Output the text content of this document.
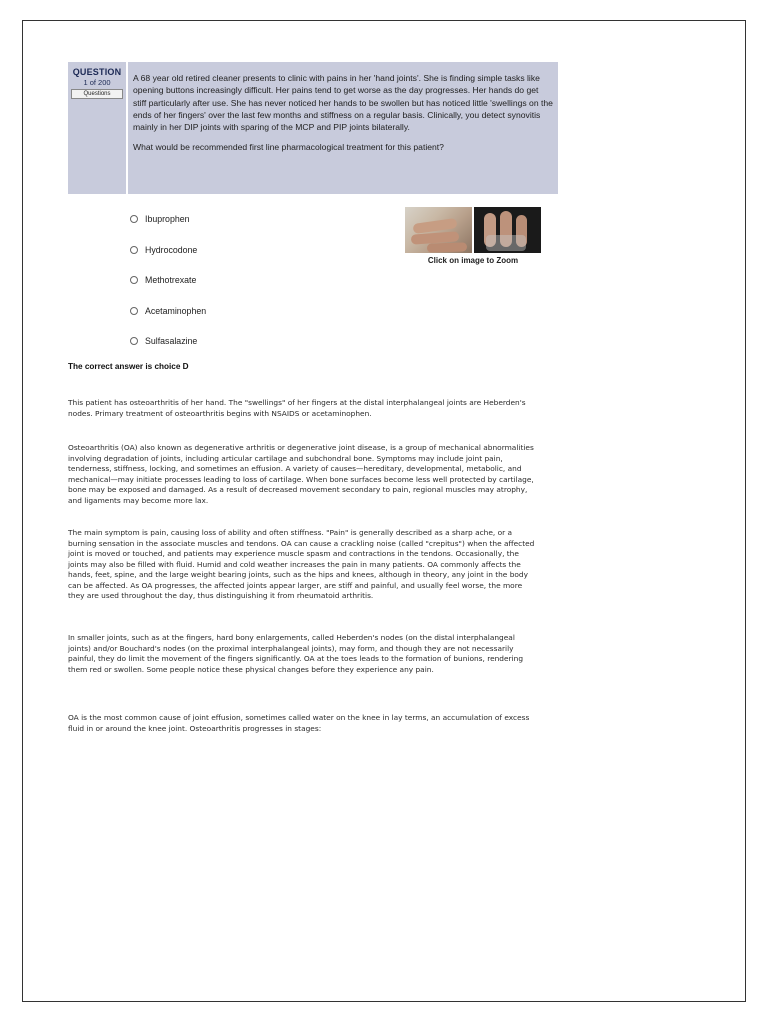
QUESTION
1 of 200
Questions

A 68 year old retired cleaner presents to clinic with pains in her 'hand joints'. She is finding simple tasks like opening buttons increasingly difficult. Her pains tend to get worse as the day progresses. Her hands do get stiff particularly after use. She has never noticed her hands to be swollen but has noticed little 'swellings on the ends of her fingers' over the last few months and stiffness on a regular basis. Clinically, you detect synovitis mainly in her DIP joints with sparing of the MCP and PIP joints bilaterally.

What would be recommended first line pharmacological treatment for this patient?

Ibuprophen
Hydrocodone
Methotrexate
Acetaminophen
Sulfasalazine
Click on image to Zoom
The correct answer is choice D

This patient has osteoarthritis of her hand. The "swellings" of her fingers at the distal interphalangeal joints are Heberden's nodes. Primary treatment of osteoarthritis begins with NSAIDS or acetaminophen.

Osteoarthritis (OA) also known as degenerative arthritis or degenerative joint disease, is a group of mechanical abnormalities involving degradation of joints, including articular cartilage and subchondral bone. Symptoms may include joint pain, tenderness, stiffness, locking, and sometimes an effusion. A variety of causes—hereditary, developmental, metabolic, and mechanical—may initiate processes leading to loss of cartilage. When bone surfaces become less well protected by cartilage, bone may be exposed and damaged. As a result of decreased movement secondary to pain, regional muscles may atrophy, and ligaments may become more lax.

The main symptom is pain, causing loss of ability and often stiffness. "Pain" is generally described as a sharp ache, or a burning sensation in the associate muscles and tendons. OA can cause a crackling noise (called "crepitus") when the affected joint is moved or touched, and patients may experience muscle spasm and contractions in the tendons. Occasionally, the joints may also be filled with fluid. Humid and cold weather increases the pain in many patients. OA commonly affects the hands, feet, spine, and the large weight bearing joints, such as the hips and knees, although in theory, any joint in the body can be affected. As OA progresses, the affected joints appear larger, are stiff and painful, and usually feel worse, the more they are used throughout the day, thus distinguishing it from rheumatoid arthritis.

In smaller joints, such as at the fingers, hard bony enlargements, called Heberden's nodes (on the distal interphalangeal joints) and/or Bouchard's nodes (on the proximal interphalangeal joints), may form, and though they are not necessarily painful, they do limit the movement of the fingers significantly. OA at the toes leads to the formation of bunions, rendering them red or swollen. Some people notice these physical changes before they experience any pain.

OA is the most common cause of joint effusion, sometimes called water on the knee in lay terms, an accumulation of excess fluid in or around the knee joint. Osteoarthritis progresses in stages:
